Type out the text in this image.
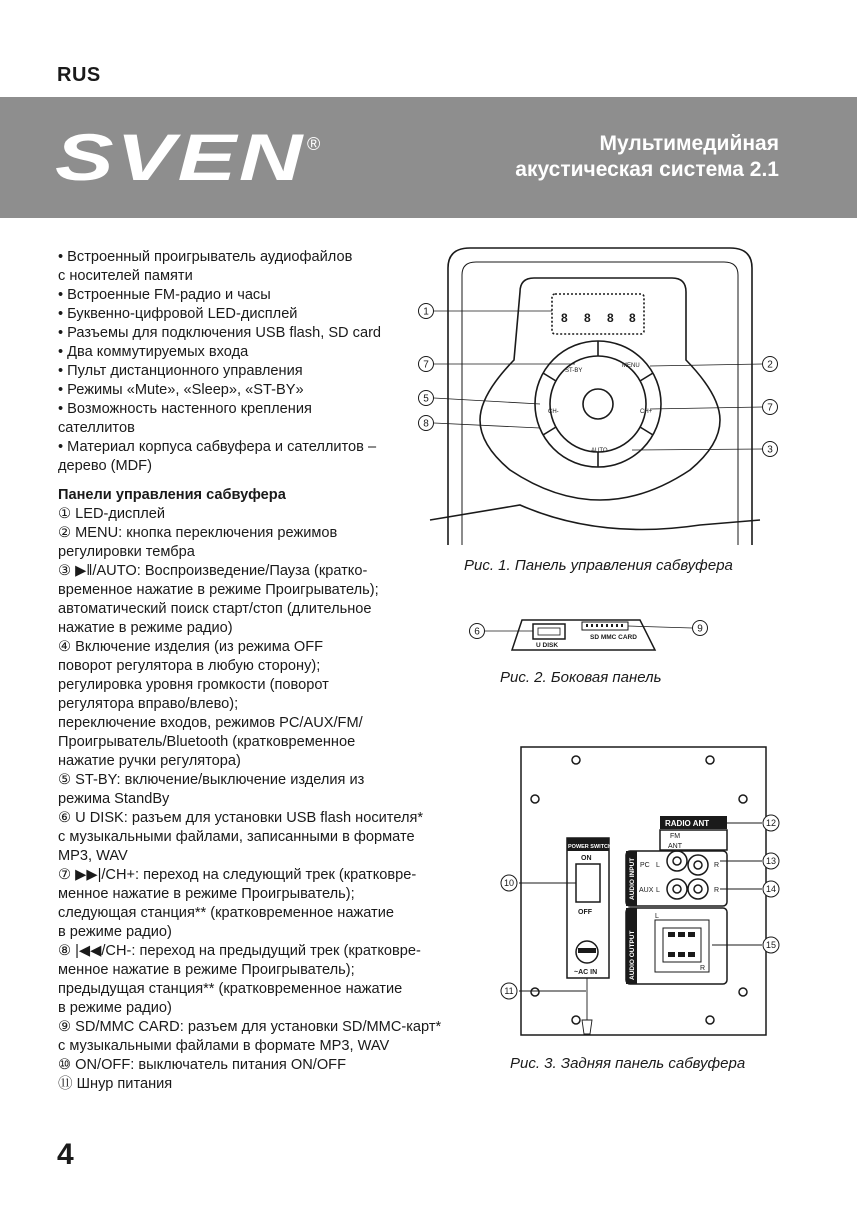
RUS
SVEN ®	Мультимедийная
акустическая система 2.1

• Встроенный проигрыватель аудиофайлов

с носителей памяти

• Встроенные FM-радио и часы

• Буквенно-цифровой LED-дисплей

• Разъемы для подключения USB flash, SD card

• Два коммутируемых входа

• Пульт дистанционного управления

• Режимы «Mute», «Sleep», «ST-BY»

• Возможность настенного крепления

сателлитов

• Материал корпуса сабвуфера и сателлитов –

дерево (MDF)

Панели управления сабвуфера

① LED-дисплей

② MENU: кнопка переключения режимов

регулировки тембра

③ ▶‖/AUTO: Воспроизведение/Пауза (кратко-

временное нажатие в режиме Проигрыватель);

автоматический поиск старт/стоп (длительное

нажатие в режиме радио)

④ Включение изделия (из режима OFF

поворот регулятора в любую сторону);

регулировка уровня громкости (поворот

регулятора вправо/влево);

переключение входов, режимов PC/AUX/FM/

Проигрыватель/Bluetooth (кратковременное

нажатие ручки регулятора)

⑤ ST-BY: включение/выключение изделия из

режима StandBy

⑥ U DISK: разъем для установки USB flash носителя*

с музыкальными файлами, записанными в формате

MP3, WAV

⑦ ▶▶|/CH+: переход на следующий трек (кратковре-

менное нажатие в режиме Проигрыватель);

следующая станция** (кратковременное нажатие

в режиме радио)

⑧ |◀◀/CH-: переход на предыдущий трек (кратковре-

менное нажатие в режиме Проигрыватель);

предыдущая станция** (кратковременное нажатие

в режиме радио)

⑨ SD/MMC CARD: разъем для установки SD/MMC-карт*

с музыкальными файлами в формате MP3, WAV

⑩ ON/OFF: выключатель питания ON/OFF

⑪ Шнур питания

8 8 8 8
ST-BY
MENU
CH-	CH+
AUTO
1
7
5
8
2
7
3
Рис. 1. Панель управления сабвуфера
U DISK
SD MMC CARD
6	9
Рис. 2. Боковая панель
RADIO ANT
POWER SWITCH
AUDIO INPUT
AUDIO OUTPUT
FM
ANT
PC L	R
AUX L	R
L
R
ON
OFF
~AC IN
10
11
12
13
14
15
Рис. 3. Задняя панель сабвуфера
4
